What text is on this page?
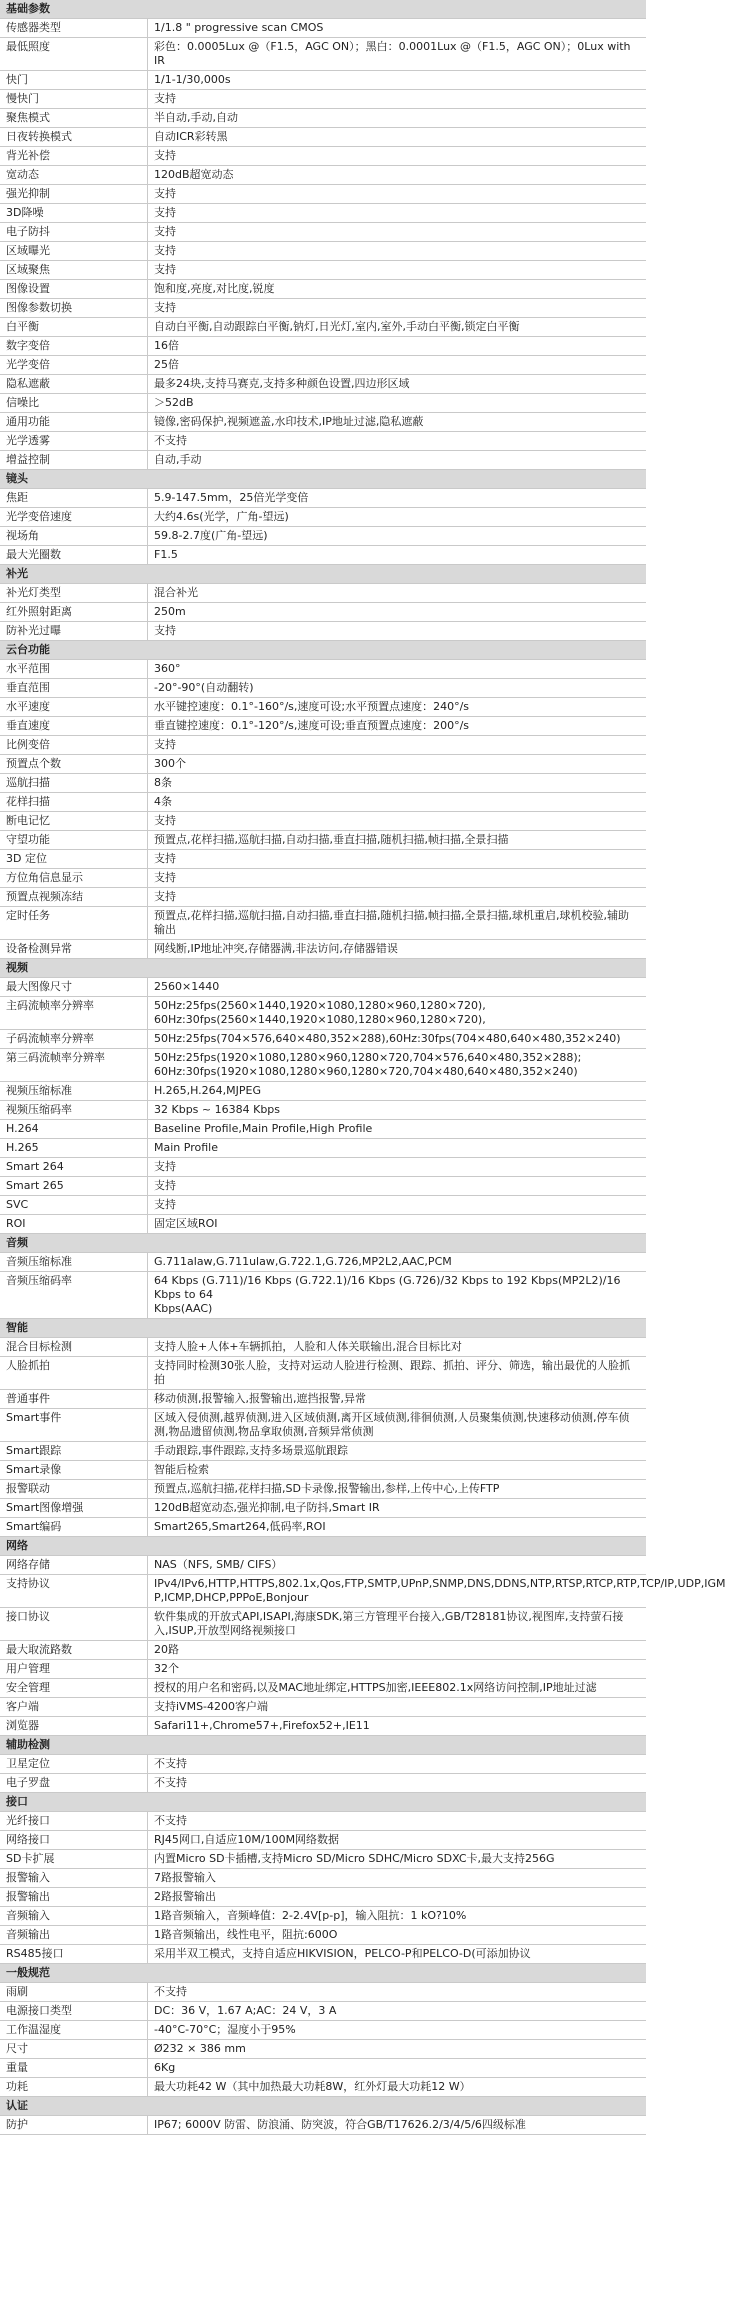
基础参数
传感器类型	1/1.8 " progressive scan CMOS
最低照度	彩色：0.0005Lux @（F1.5，AGC ON）；黑白：0.0001Lux @（F1.5，AGC ON）；0Lux with IR
快门	1/1-1/30,000s
慢快门	支持
聚焦模式	半自动,手动,自动
日夜转换模式	自动ICR彩转黑
背光补偿	支持
宽动态	120dB超宽动态
强光抑制	支持
3D降噪	支持
电子防抖	支持
区域曝光	支持
区域聚焦	支持
图像设置	饱和度,亮度,对比度,锐度
图像参数切换	支持
白平衡	自动白平衡,自动跟踪白平衡,钠灯,日光灯,室内,室外,手动白平衡,锁定白平衡
数字变倍	16倍
光学变倍	25倍
隐私遮蔽	最多24块,支持马赛克,支持多种颜色设置,四边形区域
信噪比	＞52dB
通用功能	镜像,密码保护,视频遮盖,水印技术,IP地址过滤,隐私遮蔽
光学透雾	不支持
增益控制	自动,手动
镜头
焦距	5.9-147.5mm，25倍光学变倍
光学变倍速度	大约4.6s(光学，广角-望远)
视场角	59.8-2.7度(广角-望远)
最大光圈数	F1.5
补光
补光灯类型	混合补光
红外照射距离	250m
防补光过曝	支持
云台功能
水平范围	360°
垂直范围	-20°-90°(自动翻转)
水平速度	水平键控速度：0.1°-160°/s,速度可设;水平预置点速度：240°/s
垂直速度	垂直键控速度：0.1°-120°/s,速度可设;垂直预置点速度：200°/s
比例变倍	支持
预置点个数	300个
巡航扫描	8条
花样扫描	4条
断电记忆	支持
守望功能	预置点,花样扫描,巡航扫描,自动扫描,垂直扫描,随机扫描,帧扫描,全景扫描
3D 定位	支持
方位角信息显示	支持
预置点视频冻结	支持
定时任务	预置点,花样扫描,巡航扫描,自动扫描,垂直扫描,随机扫描,帧扫描,全景扫描,球机重启,球机校验,辅助
输出
设备检测异常	网线断,IP地址冲突,存储器满,非法访问,存储器错误
视频
最大图像尺寸	2560×1440
主码流帧率分辨率	50Hz:25fps(2560×1440,1920×1080,1280×960,1280×720),
60Hz:30fps(2560×1440,1920×1080,1280×960,1280×720),
子码流帧率分辨率	50Hz:25fps(704×576,640×480,352×288),60Hz:30fps(704×480,640×480,352×240)
第三码流帧率分辨率	50Hz:25fps(1920×1080,1280×960,1280×720,704×576,640×480,352×288);
60Hz:30fps(1920×1080,1280×960,1280×720,704×480,640×480,352×240)
视频压缩标准	H.265,H.264,MJPEG
视频压缩码率	32 Kbps ~ 16384 Kbps
H.264	Baseline Profile,Main Profile,High Profile
H.265	Main Profile
Smart 264	支持
Smart 265	支持
SVC	支持
ROI	固定区域ROI
音频
音频压缩标准	G.711alaw,G.711ulaw,G.722.1,G.726,MP2L2,AAC,PCM
音频压缩码率	64 Kbps (G.711)/16 Kbps (G.722.1)/16 Kbps (G.726)/32 Kbps to 192 Kbps(MP2L2)/16 Kbps to 64
Kbps(AAC)
智能
混合目标检测	支持人脸+人体+车辆抓拍，人脸和人体关联输出,混合目标比对
人脸抓拍	支持同时检测30张人脸，支持对运动人脸进行检测、跟踪、抓拍、评分、筛选，输出最优的人脸抓
拍
普通事件	移动侦测,报警输入,报警输出,遮挡报警,异常
Smart事件	区域入侵侦测,越界侦测,进入区域侦测,离开区域侦测,徘徊侦测,人员聚集侦测,快速移动侦测,停车侦
测,物品遗留侦测,物品拿取侦测,音频异常侦测
Smart跟踪	手动跟踪,事件跟踪,支持多场景巡航跟踪
Smart录像	智能后检索
报警联动	预置点,巡航扫描,花样扫描,SD卡录像,报警输出,参样,上传中心,上传FTP
Smart图像增强	120dB超宽动态,强光抑制,电子防抖,Smart IR
Smart编码	Smart265,Smart264,低码率,ROI
网络
网络存储	NAS（NFS, SMB/ CIFS）
支持协议	IPv4/IPv6,HTTP,HTTPS,802.1x,Qos,FTP,SMTP,UPnP,SNMP,DNS,DDNS,NTP,RTSP,RTCP,RTP,TCP/IP,UDP,IGM
P,ICMP,DHCP,PPPoE,Bonjour
接口协议	软件集成的开放式API,ISAPI,海康SDK,第三方管理平台接入,GB/T28181协议,视图库,支持萤石接
入,ISUP,开放型网络视频接口
最大取流路数	20路
用户管理	32个
安全管理	授权的用户名和密码,以及MAC地址绑定,HTTPS加密,IEEE802.1x网络访问控制,IP地址过滤
客户端	支持iVMS-4200客户端
浏览器	Safari11+,Chrome57+,Firefox52+,IE11
辅助检测
卫星定位	不支持
电子罗盘	不支持
接口
光纤接口	不支持
网络接口	RJ45网口,自适应10M/100M网络数据
SD卡扩展	内置Micro SD卡插槽,支持Micro SD/Micro SDHC/Micro SDXC卡,最大支持256G
报警输入	7路报警输入
报警输出	2路报警输出
音频输入	1路音频输入，音频峰值：2-2.4V[p-p]，输入阻抗：1 kO?10%
音频输出	1路音频输出，线性电平，阻抗:600O
RS485接口	采用半双工模式，支持自适应HIKVISION，PELCO-P和PELCO-D(可添加协议
一般规范
雨刷	不支持
电源接口类型	DC：36 V，1.67 A;AC：24 V，3 A
工作温湿度	-40°C-70°C；湿度小于95%
尺寸	Ø232 × 386 mm
重量	6Kg
功耗	最大功耗42 W（其中加热最大功耗8W，红外灯最大功耗12 W）
认证
防护	IP67; 6000V 防雷、防浪涌、防突波，符合GB/T17626.2/3/4/5/6四级标准
